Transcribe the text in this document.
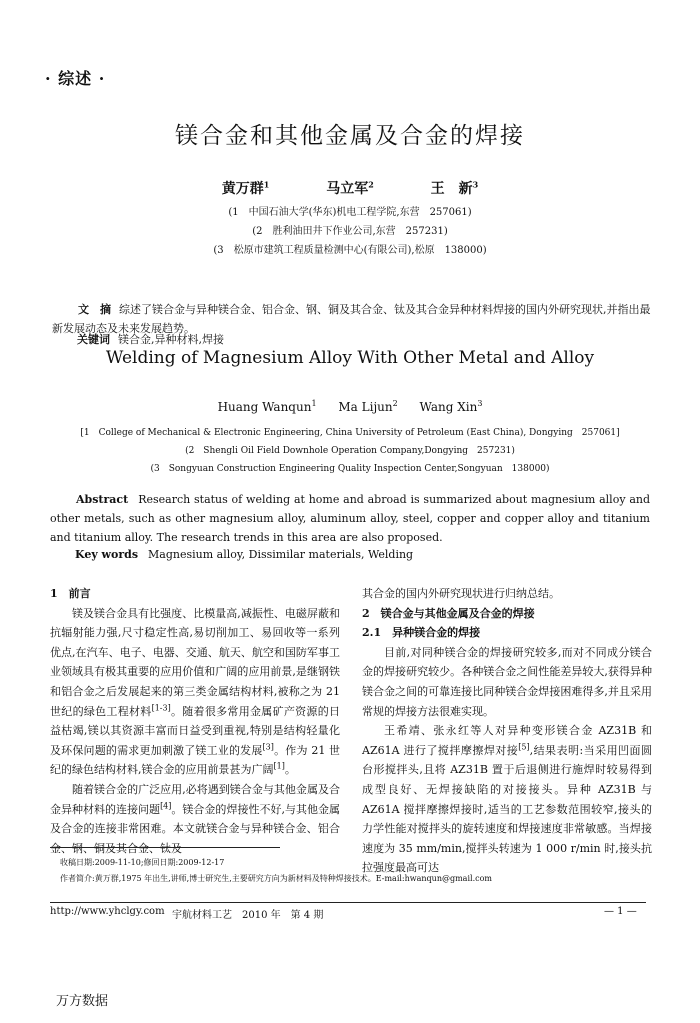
· 综述 ·
镁合金和其他金属及合金的焊接
黄万群$^1$	马立军$^2$	王　新$^3$
(1　中国石油大学(华东)机电工程学院,东营　257061)
(2　胜利油田井下作业公司,东营　257231)
(3　松原市建筑工程质量检测中心(有限公司),松原　138000)
文　摘 综述了镁合金与异种镁合金、铝合金、钢、铜及其合金、钛及其合金异种材料焊接的国内外研究现状,并指出最新发展动态及未来发展趋势。
关键词 镁合金,异种材料,焊接
Welding of Magnesium Alloy With Other Metal and Alloy
Huang Wanqun$^1$ Ma Lijun$^2$ Wang Xin$^3$
[1　College of Mechanical & Electronic Engineering, China University of Petroleum (East China), Dongying　257061]
(2　Shengli Oil Field Downhole Operation Company,Dongying　257231)
(3　Songyuan Construction Engineering Quality Inspection Center,Songyuan　138000)
Abstract Research status of welding at home and abroad is summarized about magnesium alloy and other metals, such as other magnesium alloy, aluminum alloy, steel, copper and copper alloy and titanium and titanium alloy. The research trends in this area are also proposed.
Key words Magnesium alloy, Dissimilar materials, Welding
1　前言

镁及镁合金具有比强度、比模量高,减振性、电磁屏蔽和抗辐射能力强,尺寸稳定性高,易切削加工、易回收等一系列优点,在汽车、电子、电器、交通、航天、航空和国防军事工业领域具有极其重要的应用价值和广阔的应用前景,是继钢铁和铝合金之后发展起来的第三类金属结构材料,被称之为 21 世纪的绿色工程材料[1-3]。随着很多常用金属矿产资源的日益枯竭,镁以其资源丰富而日益受到重视,特别是结构轻量化及环保问题的需求更加刺激了镁工业的发展[3]。作为 21 世纪的绿色结构材料,镁合金的应用前景甚为广阔[1]。

随着镁合金的广泛应用,必将遇到镁合金与其他金属及合金异种材料的连接问题[4]。镁合金的焊接性不好,与其他金属及合金的连接非常困难。本文就镁合金与异种镁合金、铝合金、钢、铜及其合金、钛及

其合金的国内外研究现状进行归纳总结。

2　镁合金与其他金属及合金的焊接
2.1　异种镁合金的焊接

目前,对同种镁合金的焊接研究较多,而对不同成分镁合金的焊接研究较少。各种镁合金之间性能差异较大,获得异种镁合金之间的可靠连接比同种镁合金焊接困难得多,并且采用常规的焊接方法很难实现。

王希靖、张永红等人对异种变形镁合金 AZ31B 和 AZ61A 进行了搅拌摩擦焊对接[5],结果表明:当采用凹面圆台形搅拌头,且将 AZ31B 置于后退侧进行施焊时较易得到成型良好、无焊接缺陷的对接接头。异种 AZ31B 与 AZ61A 搅拌摩擦焊接时,适当的工艺参数范围较窄,接头的力学性能对搅拌头的旋转速度和焊接速度非常敏感。当焊接速度为 35 mm/min,搅拌头转速为 1 000 r/min 时,接头抗拉强度最高可达

收稿日期:2009-11-10;修回日期:2009-12-17
作者简介:黄万群,1975 年出生,讲师,博士研究生,主要研究方向为新材料及特种焊接技术。E-mail:hwanqun@gmail.com
http://www.yhclgy.com 宇航材料工艺　2010 年　第 4 期	— 1 —
万方数据
